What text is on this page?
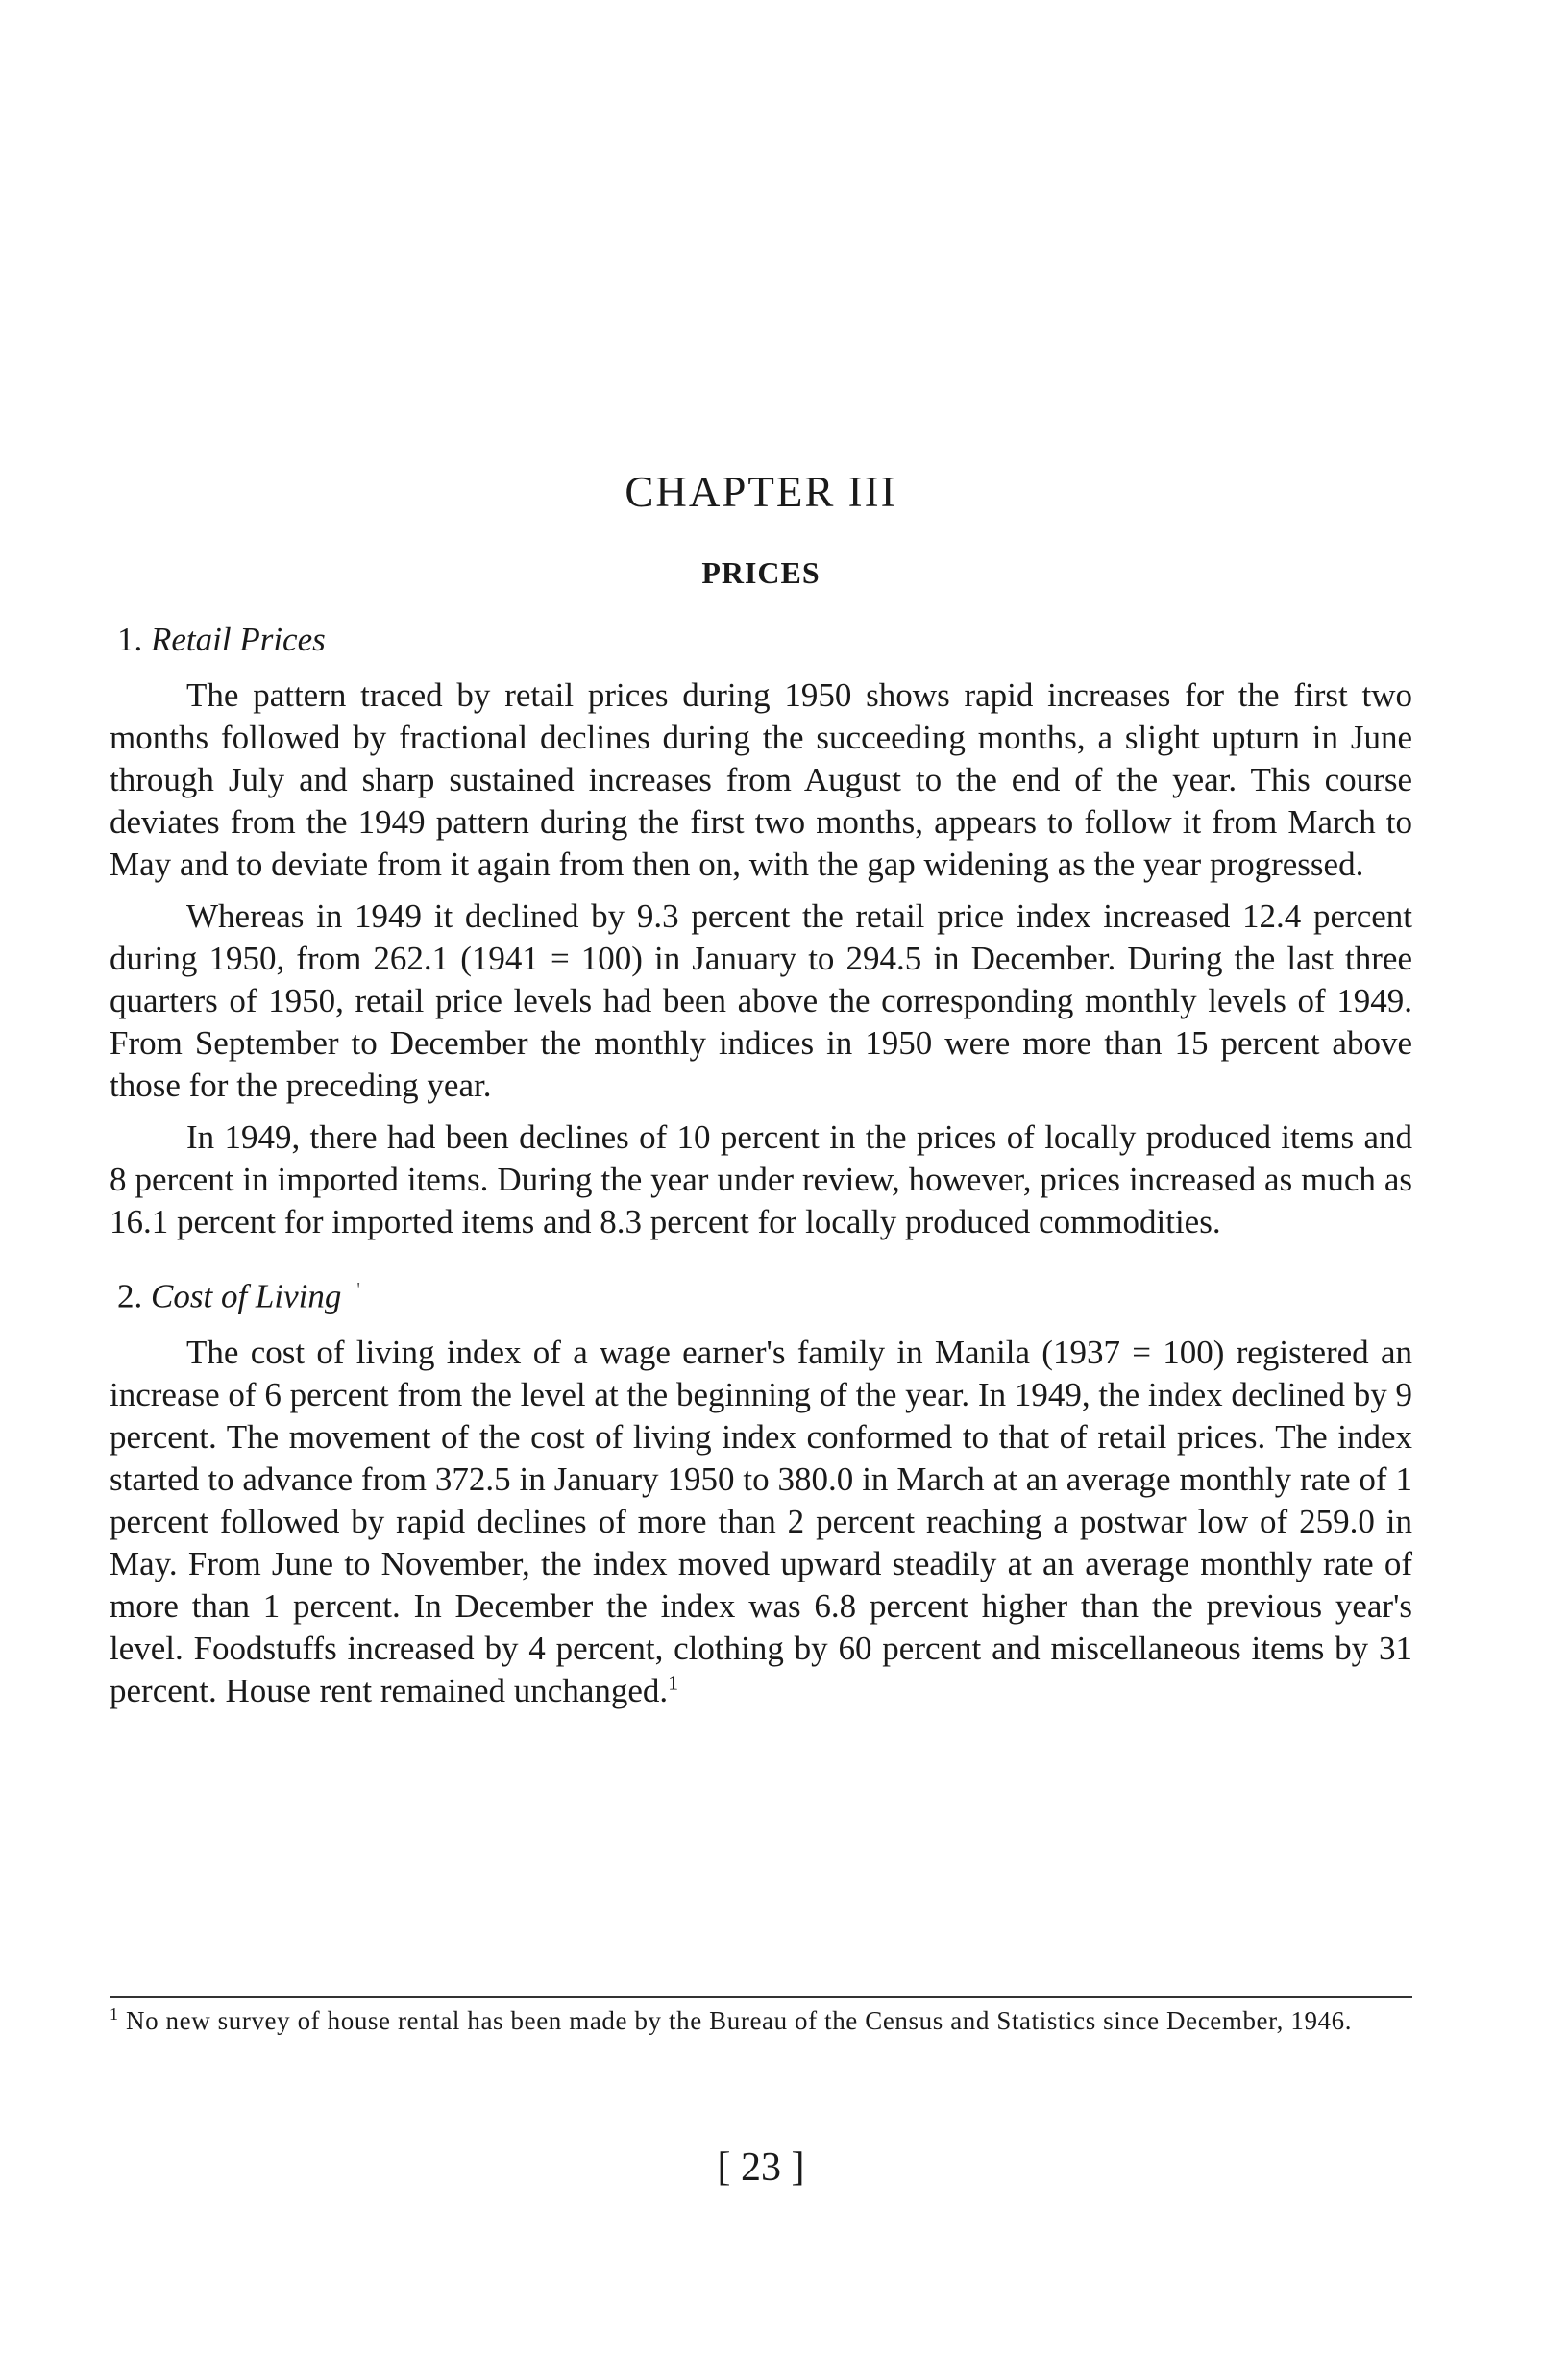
CHAPTER III
PRICES
1. Retail Prices

The pattern traced by retail prices during 1950 shows rapid increases for the first two months followed by fractional declines during the succeeding months, a slight upturn in June through July and sharp sustained increases from August to the end of the year. This course deviates from the 1949 pattern during the first two months, appears to follow it from March to May and to deviate from it again from then on, with the gap widening as the year progressed.

Whereas in 1949 it declined by 9.3 percent the retail price index increased 12.4 percent during 1950, from 262.1 (1941 = 100) in January to 294.5 in December. During the last three quarters of 1950, retail price levels had been above the corresponding monthly levels of 1949. From September to December the monthly indices in 1950 were more than 15 percent above those for the preceding year.

In 1949, there had been declines of 10 percent in the prices of locally produced items and 8 percent in imported items. During the year under review, however, prices increased as much as 16.1 percent for imported items and 8.3 percent for locally produced commodities.

2. Cost of Living '

The cost of living index of a wage earner's family in Manila (1937 = 100) registered an increase of 6 percent from the level at the beginning of the year. In 1949, the index declined by 9 percent. The movement of the cost of living index conformed to that of retail prices. The index started to advance from 372.5 in January 1950 to 380.0 in March at an average monthly rate of 1 percent followed by rapid declines of more than 2 percent reaching a postwar low of 259.0 in May. From June to November, the index moved upward steadily at an average monthly rate of more than 1 percent. In December the index was 6.8 percent higher than the previous year's level. Foodstuffs increased by 4 percent, clothing by 60 percent and miscellaneous items by 31 percent. House rent remained unchanged.$^1$

$^1$ No new survey of house rental has been made by the Bureau of the Census and Statistics since December, 1946.
[ 23 ]
